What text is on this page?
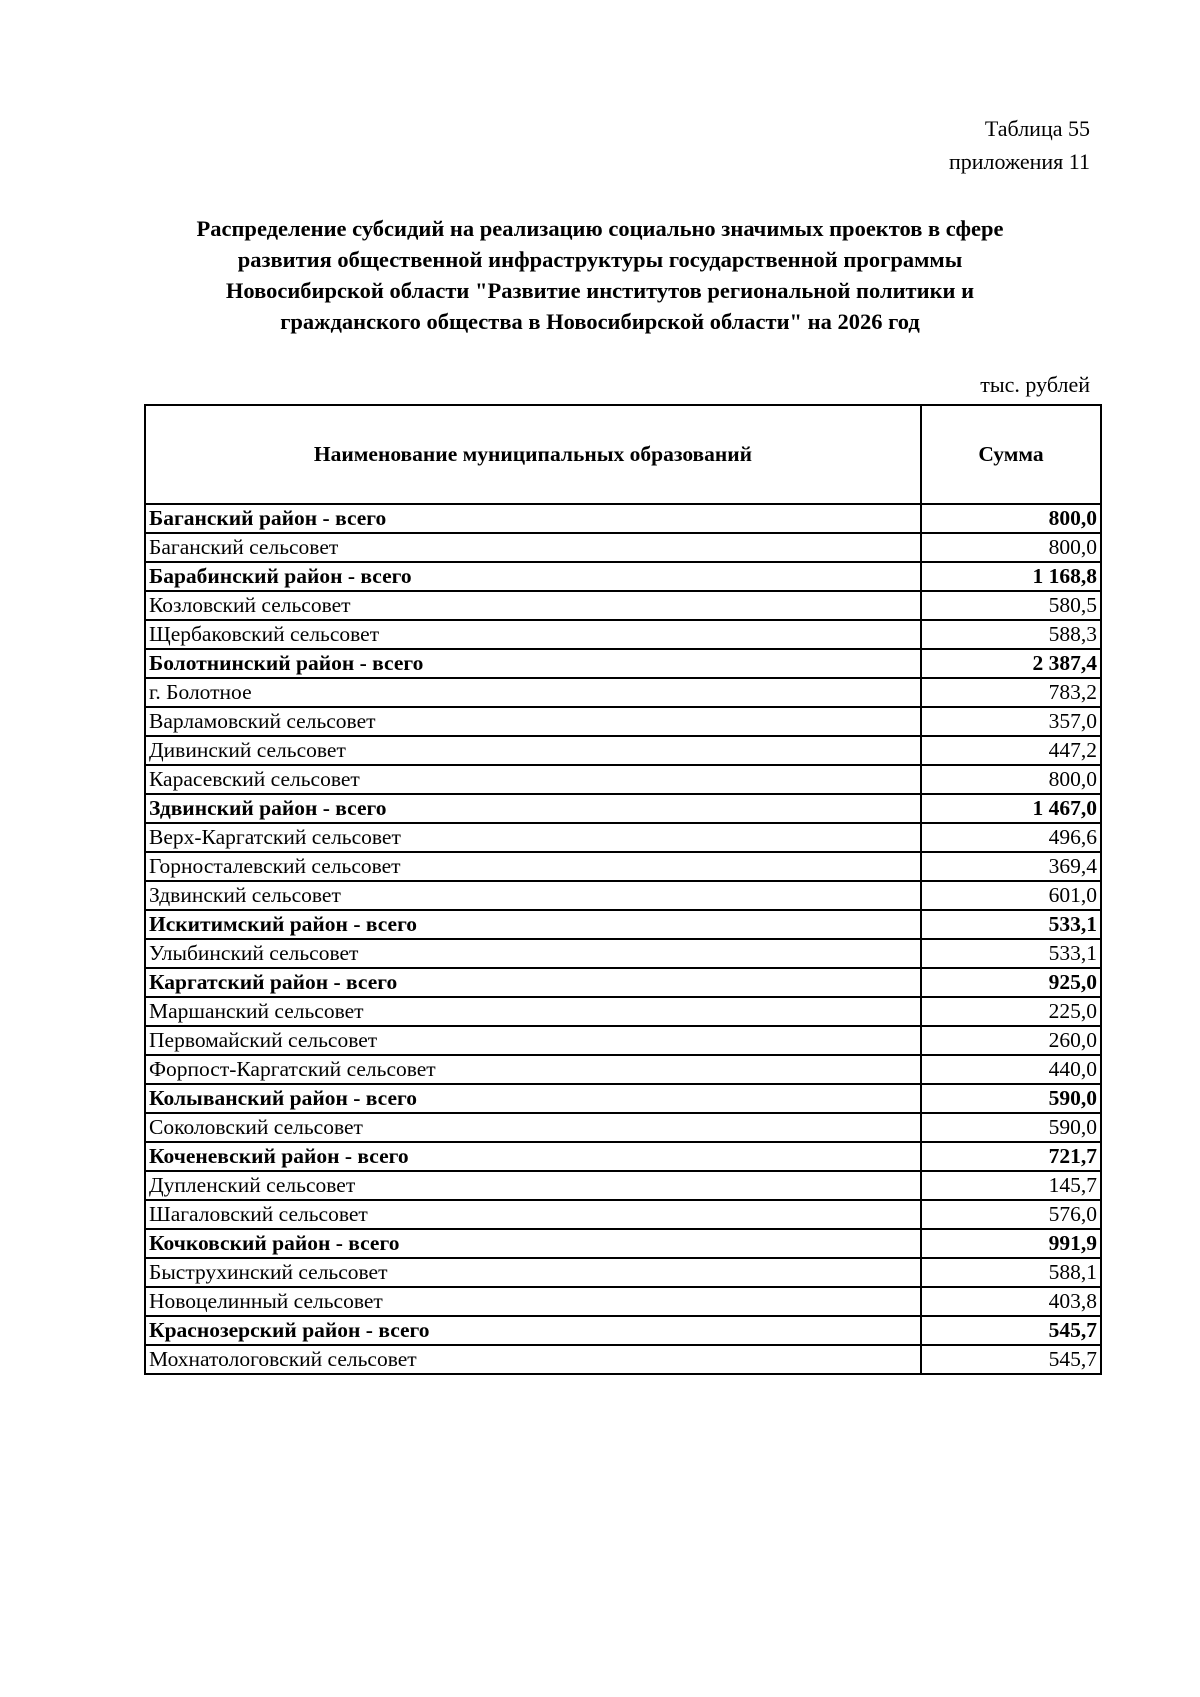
Таблица 55
приложения 11
Распределение субсидий на реализацию социально значимых проектов в сфере
развития общественной инфраструктуры государственной программы
Новосибирской области "Развитие институтов региональной политики и
гражданского общества в Новосибирской области" на 2026 год
тыс. рублей
Наименование муниципальных образований	Сумма
Баганский район - всего	800,0
Баганский сельсовет	800,0
Барабинский район - всего	1 168,8
Козловский сельсовет	580,5
Щербаковский сельсовет	588,3
Болотнинский район - всего	2 387,4
г. Болотное	783,2
Варламовский сельсовет	357,0
Дивинский сельсовет	447,2
Карасевский сельсовет	800,0
Здвинский район - всего	1 467,0
Верх-Каргатский сельсовет	496,6
Горносталевский сельсовет	369,4
Здвинский сельсовет	601,0
Искитимский район - всего	533,1
Улыбинский сельсовет	533,1
Каргатский район - всего	925,0
Маршанский сельсовет	225,0
Первомайский сельсовет	260,0
Форпост-Каргатский сельсовет	440,0
Колыванский район - всего	590,0
Соколовский сельсовет	590,0
Коченевский район - всего	721,7
Дупленский сельсовет	145,7
Шагаловский сельсовет	576,0
Кочковский район - всего	991,9
Быструхинский сельсовет	588,1
Новоцелинный сельсовет	403,8
Краснозерский район - всего	545,7
Мохнатологовский сельсовет	545,7
